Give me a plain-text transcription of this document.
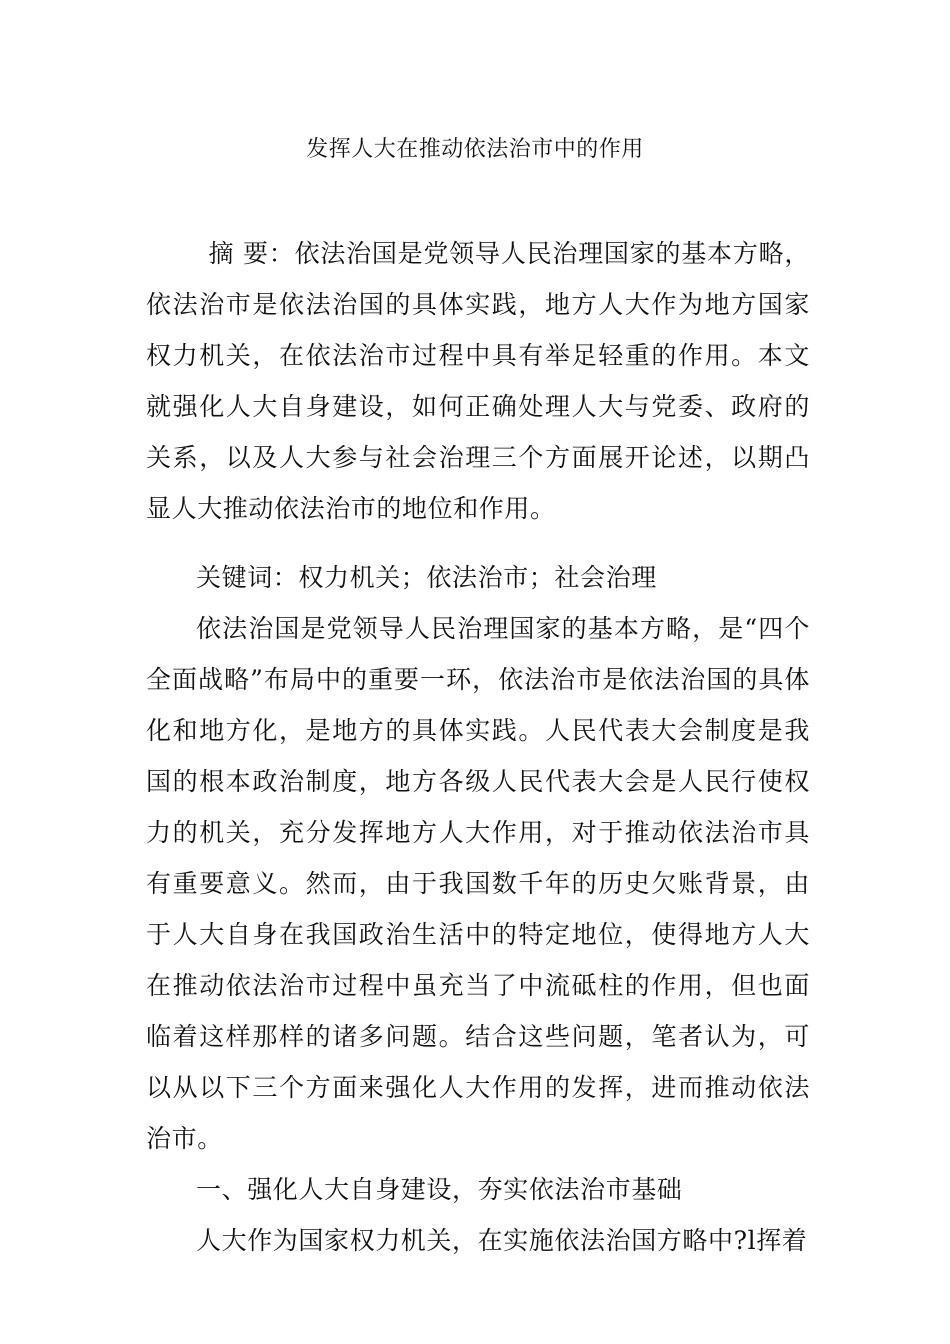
发挥人大在推动依法治市中的作用

摘 要：依法治国是党领导人民治理国家的基本方略，依法治市是依法治国的具体实践，地方人大作为地方国家权力机关，在依法治市过程中具有举足轻重的作用。本文就强化人大自身建设，如何正确处理人大与党委、政府的关系，以及人大参与社会治理三个方面展开论述，以期凸显人大推动依法治市的地位和作用。

关键词：权力机关；依法治市；社会治理

依法治国是党领导人民治理国家的基本方略，是“四个全面战略”布局中的重要一环，依法治市是依法治国的具体化和地方化，是地方的具体实践。人民代表大会制度是我国的根本政治制度，地方各级人民代表大会是人民行使权力的机关，充分发挥地方人大作用，对于推动依法治市具有重要意义。然而，由于我国数千年的历史欠账背景，由于人大自身在我国政治生活中的特定地位，使得地方人大在推动依法治市过程中虽充当了中流砥柱的作用，但也面临着这样那样的诸多问题。结合这些问题，笔者认为，可以从以下三个方面来强化人大作用的发挥，进而推动依法治市。

一、强化人大自身建设，夯实依法治市基础

人大作为国家权力机关，在实施依法治国方略中?l挥着
